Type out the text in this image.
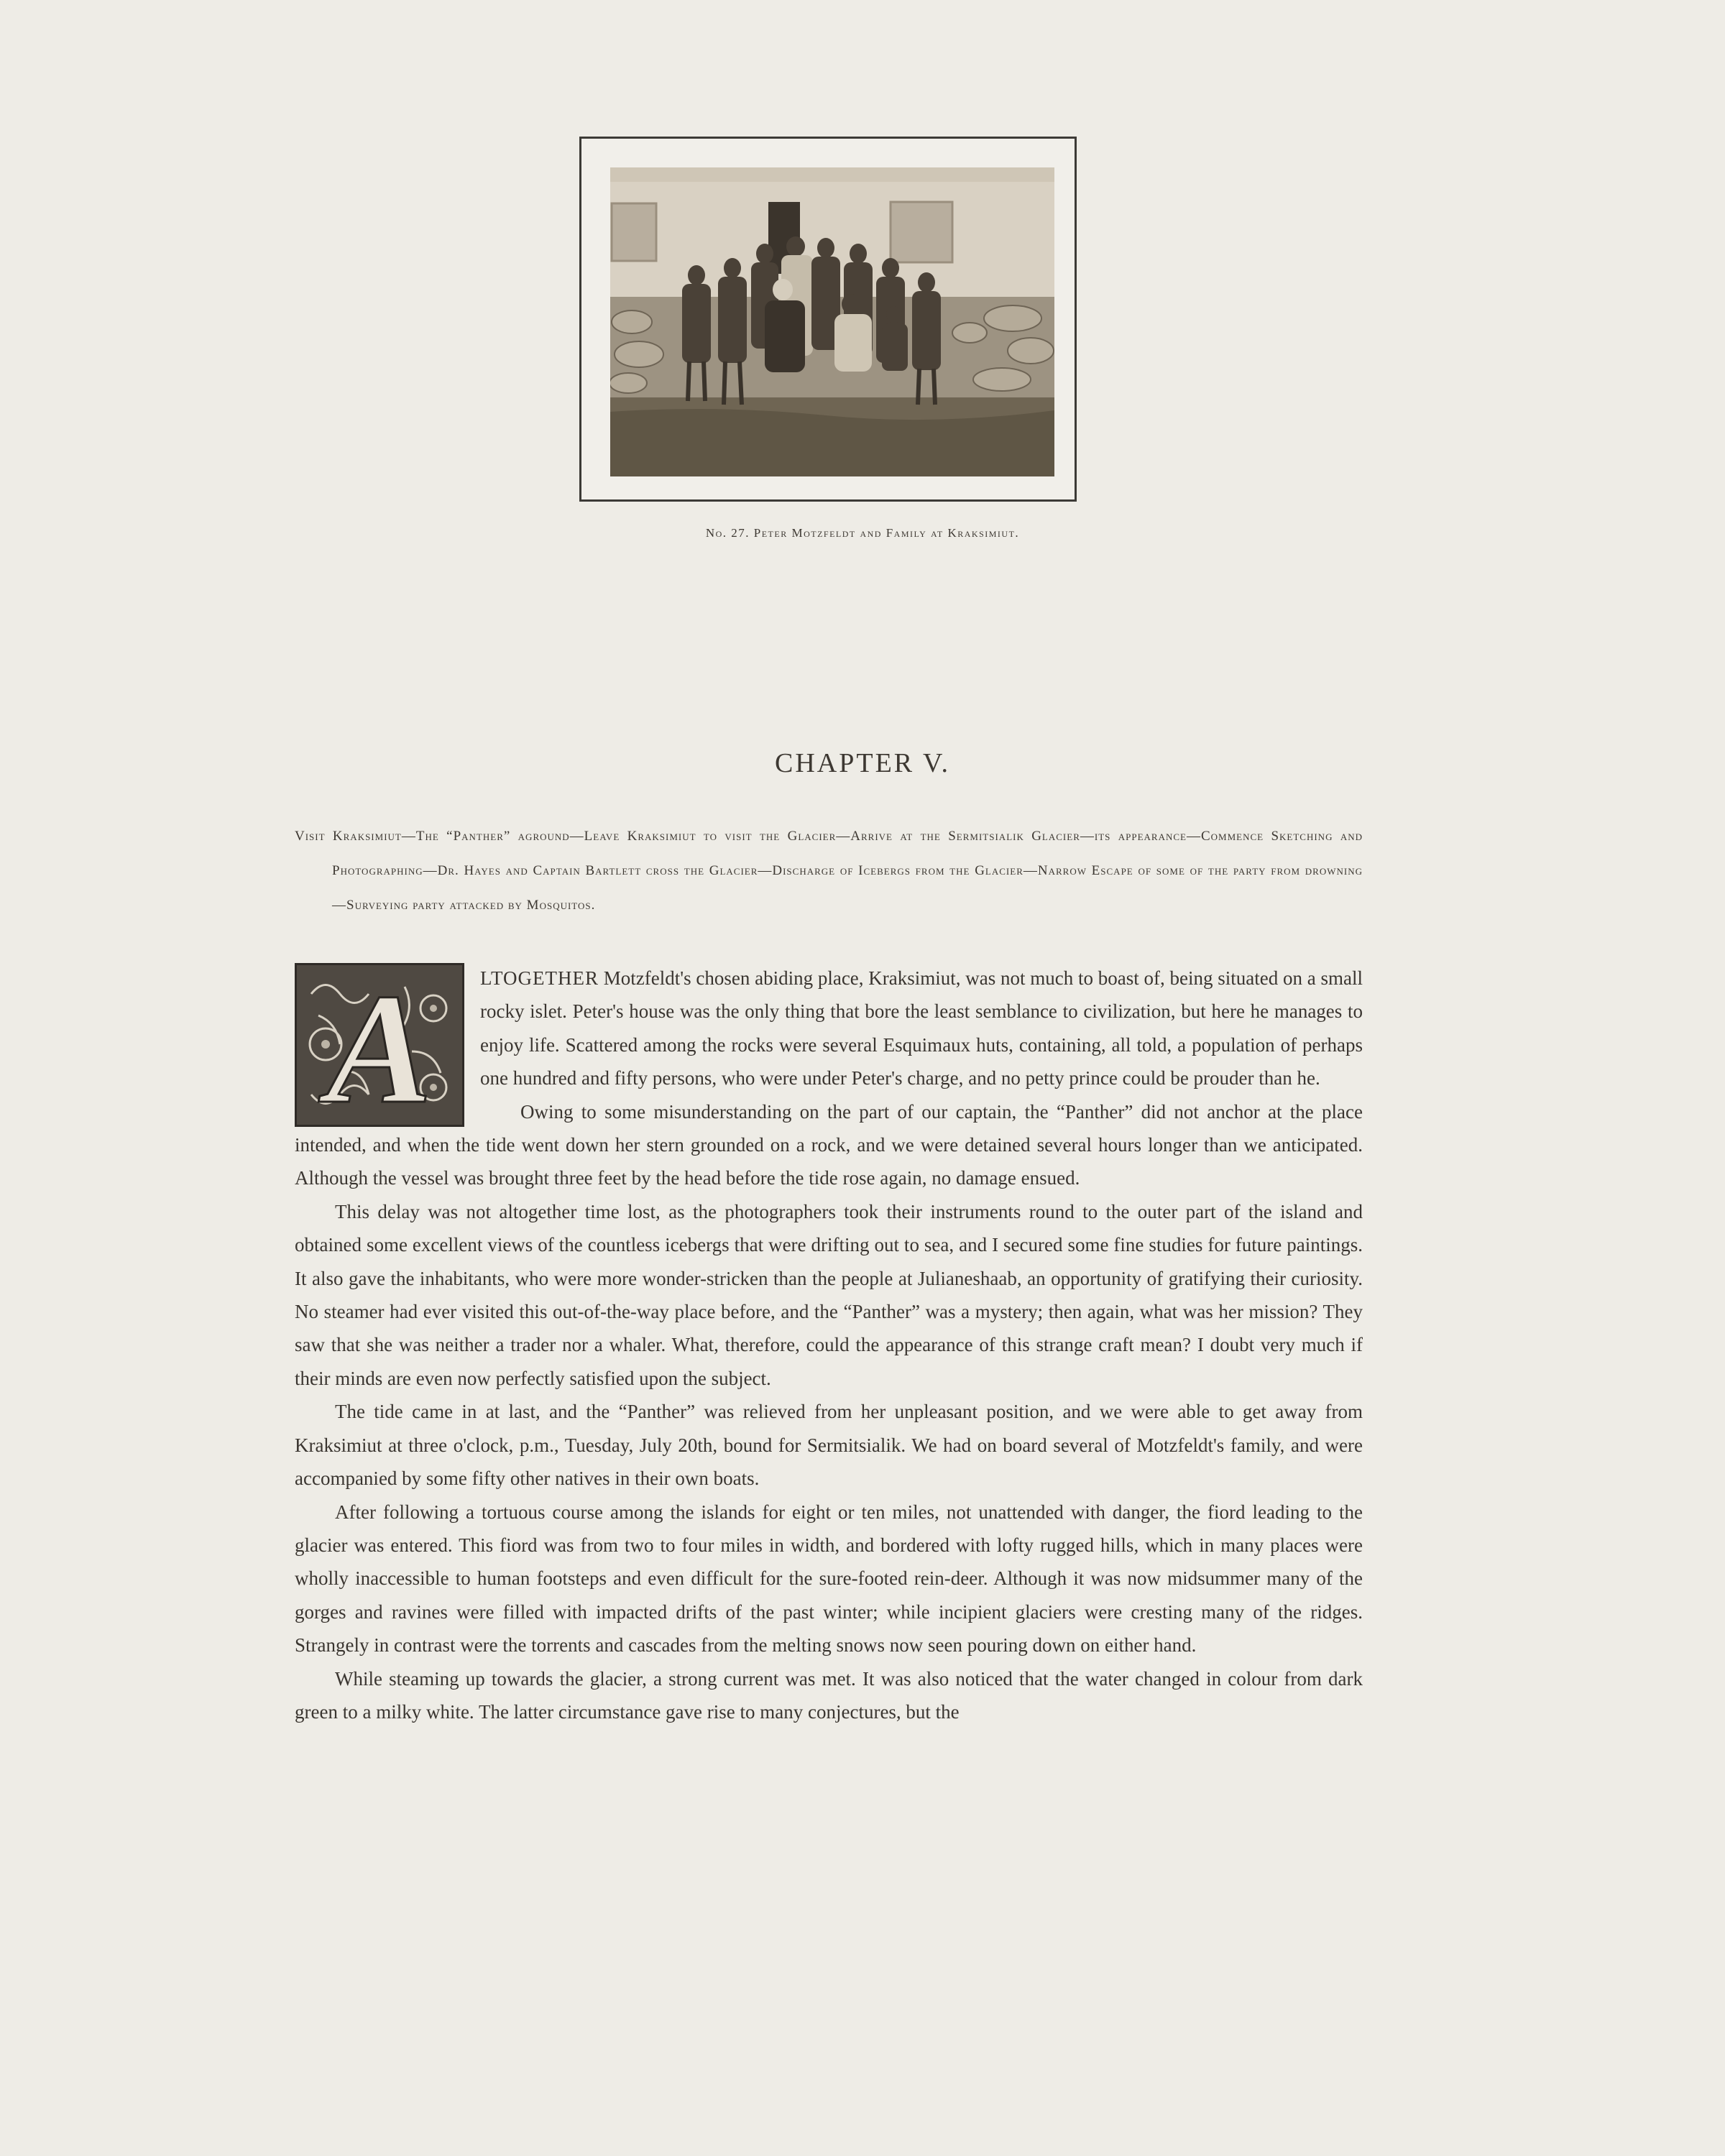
No. 27. Peter Motzfeldt and Family at Kraksimiut.
CHAPTER V.
Visit Kraksimiut—The “Panther” aground—Leave Kraksimiut to visit the Glacier—Arrive at the Sermitsialik Glacier—its appearance—Commence Sketching and Photographing—Dr. Hayes and Captain Bartlett cross the Glacier—Discharge of Icebergs from the Glacier—Narrow Escape of some of the party from drowning—Surveying party attacked by Mosquitos.

A LTOGETHER Motzfeldt's chosen abiding place, Kraksimiut, was not much to boast of, being situated on a small rocky islet. Peter's house was the only thing that bore the least semblance to civilization, but here he manages to enjoy life. Scattered among the rocks were several Esquimaux huts, containing, all told, a population of perhaps one hundred and fifty persons, who were under Peter's charge, and no petty prince could be prouder than he.

Owing to some misunderstanding on the part of our captain, the “Panther” did not anchor at the place intended, and when the tide went down her stern grounded on a rock, and we were detained several hours longer than we anticipated. Although the vessel was brought three feet by the head before the tide rose again, no damage ensued.

This delay was not altogether time lost, as the photographers took their instruments round to the outer part of the island and obtained some excellent views of the countless icebergs that were drifting out to sea, and I secured some fine studies for future paintings. It also gave the inhabitants, who were more wonder-stricken than the people at Julianeshaab, an opportunity of gratifying their curiosity. No steamer had ever visited this out-of-the-way place before, and the “Panther” was a mystery; then again, what was her mission? They saw that she was neither a trader nor a whaler. What, therefore, could the appearance of this strange craft mean? I doubt very much if their minds are even now perfectly satisfied upon the subject.

The tide came in at last, and the “Panther” was relieved from her unpleasant position, and we were able to get away from Kraksimiut at three o'clock, p.m., Tuesday, July 20th, bound for Sermitsialik. We had on board several of Motzfeldt's family, and were accompanied by some fifty other natives in their own boats.

After following a tortuous course among the islands for eight or ten miles, not unattended with danger, the fiord leading to the glacier was entered. This fiord was from two to four miles in width, and bordered with lofty rugged hills, which in many places were wholly inaccessible to human footsteps and even difficult for the sure-footed rein-deer. Although it was now midsummer many of the gorges and ravines were filled with impacted drifts of the past winter; while incipient glaciers were cresting many of the ridges. Strangely in contrast were the torrents and cascades from the melting snows now seen pouring down on either hand.

While steaming up towards the glacier, a strong current was met. It was also noticed that the water changed in colour from dark green to a milky white. The latter circumstance gave rise to many conjectures, but the
